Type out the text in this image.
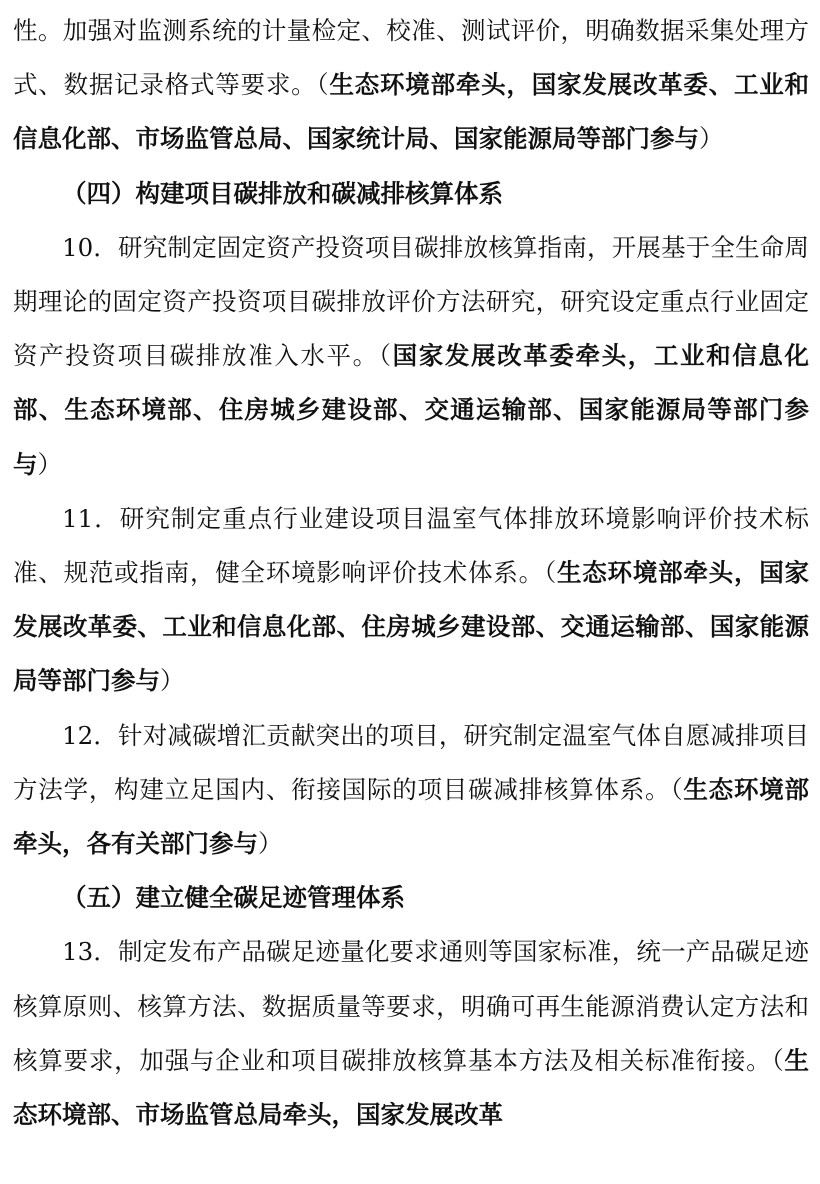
性。加强对监测系统的计量检定、校准、测试评价，明确数据采集处理方式、数据记录格式等要求。（生态环境部牵头，国家发展改革委、工业和信息化部、市场监管总局、国家统计局、国家能源局等部门参与）

（四）构建项目碳排放和碳减排核算体系

10．研究制定固定资产投资项目碳排放核算指南，开展基于全生命周期理论的固定资产投资项目碳排放评价方法研究，研究设定重点行业固定资产投资项目碳排放准入水平。（国家发展改革委牵头，工业和信息化部、生态环境部、住房城乡建设部、交通运输部、国家能源局等部门参与）

11．研究制定重点行业建设项目温室气体排放环境影响评价技术标准、规范或指南，健全环境影响评价技术体系。（生态环境部牵头，国家发展改革委、工业和信息化部、住房城乡建设部、交通运输部、国家能源局等部门参与）

12．针对减碳增汇贡献突出的项目，研究制定温室气体自愿减排项目方法学，构建立足国内、衔接国际的项目碳减排核算体系。（生态环境部牵头，各有关部门参与）

（五）建立健全碳足迹管理体系

13．制定发布产品碳足迹量化要求通则等国家标准，统一产品碳足迹核算原则、核算方法、数据质量等要求，明确可再生能源消费认定方法和核算要求，加强与企业和项目碳排放核算基本方法及相关标准衔接。（生态环境部、市场监管总局牵头，国家发展改革
